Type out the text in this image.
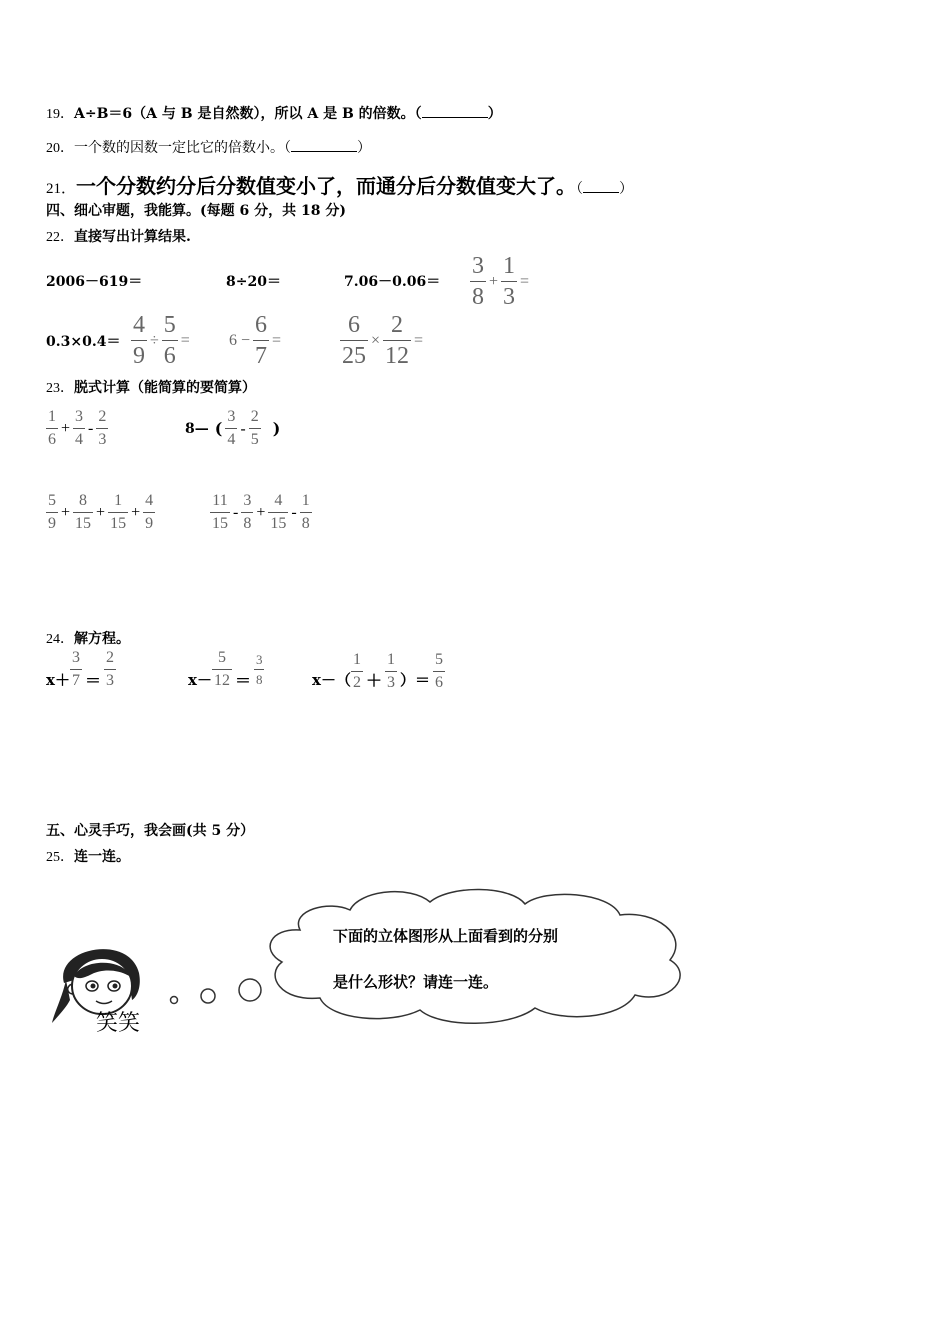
19．A÷B＝6（A 与 B 是自然数），所以 A 是 B 的倍数。（	）
20．一个数的因数一定比它的倍数小。（	）
21．一个分数约分后分数值变小了，而通分后分数值变大了。（	）
四、细心审题，我能算。(每题 6 分，共 18 分)
22．直接写出计算结果.
2006－619＝	8÷20＝	$7.06-0.06= \frac{3}{8} + \frac{1}{3}$ =
$0.3\times 0.4= \frac{4}{9} \div \frac{5}{6} = 6 - \frac{6}{7} = \frac{6}{25} \times \frac{2}{12}$ =
23．脱式计算（能简算的要简算）
$\frac{1}{6} + \frac{3}{4} - \frac{2}{3}$	8— ( $\frac{3}{4} - \frac{2}{5}$ )
$\frac{5}{9} + \frac{8}{15} + \frac{1}{15} + \frac{4}{9}$	$\frac{11}{15} - \frac{3}{8} + \frac{4}{15} - \frac{1}{8}$
24．解方程。
$x+ \frac{3}{7} = \frac{2}{3}$	$x- \frac{5}{12} = \frac{3}{8}$	$x-( \frac{1}{2} + \frac{1}{3}$ ）＝ $\frac{5}{6}$
五、心灵手巧，我会画(共 5 分）
25．连一连。
笑笑
下面的立体图形从上面看到的分别
是什么形状？请连一连。
